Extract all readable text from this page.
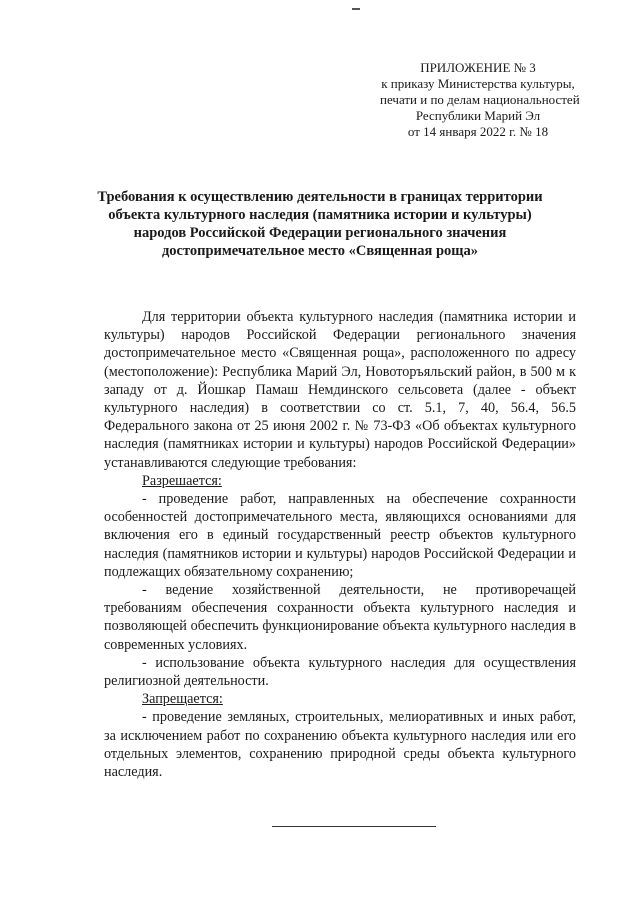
ПРИЛОЖЕНИЕ № 3
к приказу Министерства культуры,
печати и по делам национальностей
Республики Марий Эл
от 14 января 2022 г. № 18
Требования к осуществлению деятельности в границах территории
объекта культурного наследия (памятника истории и культуры)
народов Российской Федерации регионального значения
достопримечательное место «Священная роща»
Для территории объекта культурного наследия (памятника истории и культуры) народов Российской Федерации регионального значения достопримечательное место «Священная роща», расположенного по адресу (местоположение): Республика Марий Эл, Новоторъяльский район, в 500 м к западу от д. Йошкар Памаш Немдинского сельсовета (далее - объект культурного наследия) в соответствии со ст. 5.1, 7, 40, 56.4, 56.5 Федерального закона от 25 июня 2002 г. № 73-ФЗ «Об объектах культурного наследия (памятниках истории и культуры) народов Российской Федерации» устанавливаются следующие требования:
Разрешается:
- проведение работ, направленных на обеспечение сохранности особенностей достопримечательного места, являющихся основаниями для включения его в единый государственный реестр объектов культурного наследия (памятников истории и культуры) народов Российской Федерации и подлежащих обязательному сохранению;
- ведение хозяйственной деятельности, не противоречащей требованиям обеспечения сохранности объекта культурного наследия и позволяющей обеспечить функционирование объекта культурного наследия в современных условиях.
- использование объекта культурного наследия для осуществления религиозной деятельности.
Запрещается:
- проведение земляных, строительных, мелиоративных и иных работ, за исключением работ по сохранению объекта культурного наследия или его отдельных элементов, сохранению природной среды объекта культурного наследия.
